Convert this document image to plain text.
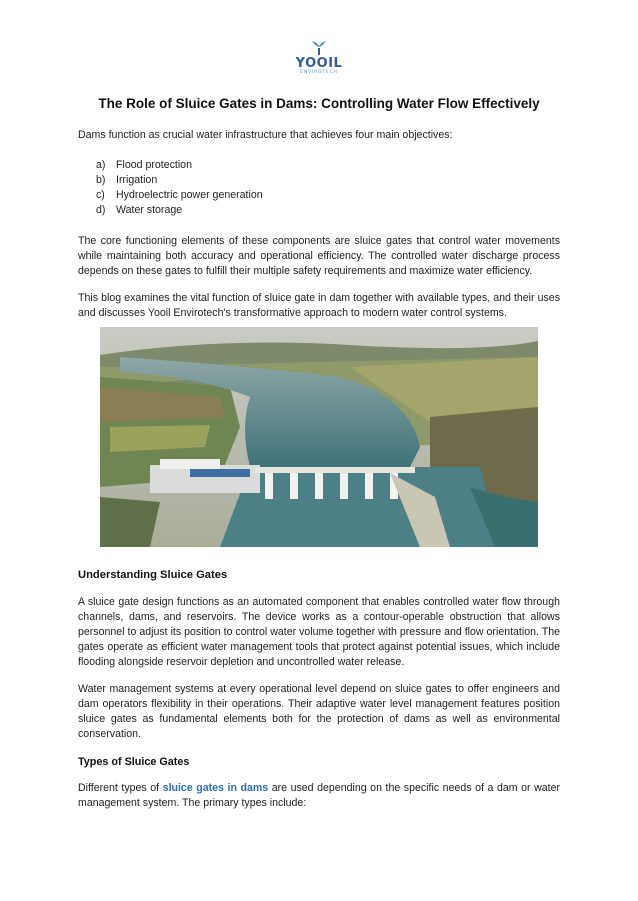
YOOIL
ENVIROTECH
The Role of Sluice Gates in Dams: Controlling Water Flow Effectively

Dams function as crucial water infrastructure that achieves four main objectives:

a) Flood protection
b) Irrigation
c)	Hydroelectric power generation
d) Water storage

The core functioning elements of these components are sluice gates that control water movements while maintaining both accuracy and operational efficiency. The controlled water discharge process depends on these gates to fulfill their multiple safety requirements and maximize water efficiency.

This blog examines the vital function of sluice gate in dam together with available types, and their uses and discusses Yooil Envirotech's transformative approach to modern water control systems.

Understanding Sluice Gates

A sluice gate design functions as an automated component that enables controlled water flow through channels, dams, and reservoirs. The device works as a contour-operable obstruction that allows personnel to adjust its position to control water volume together with pressure and flow orientation. The gates operate as efficient water management tools that protect against potential issues, which include flooding alongside reservoir depletion and uncontrolled water release.

Water management systems at every operational level depend on sluice gates to offer engineers and dam operators flexibility in their operations. Their adaptive water level management features position sluice gates as fundamental elements both for the protection of dams as well as environmental conservation.

Types of Sluice Gates

Different types of sluice gates in dams are used depending on the specific needs of a dam or water management system. The primary types include:
